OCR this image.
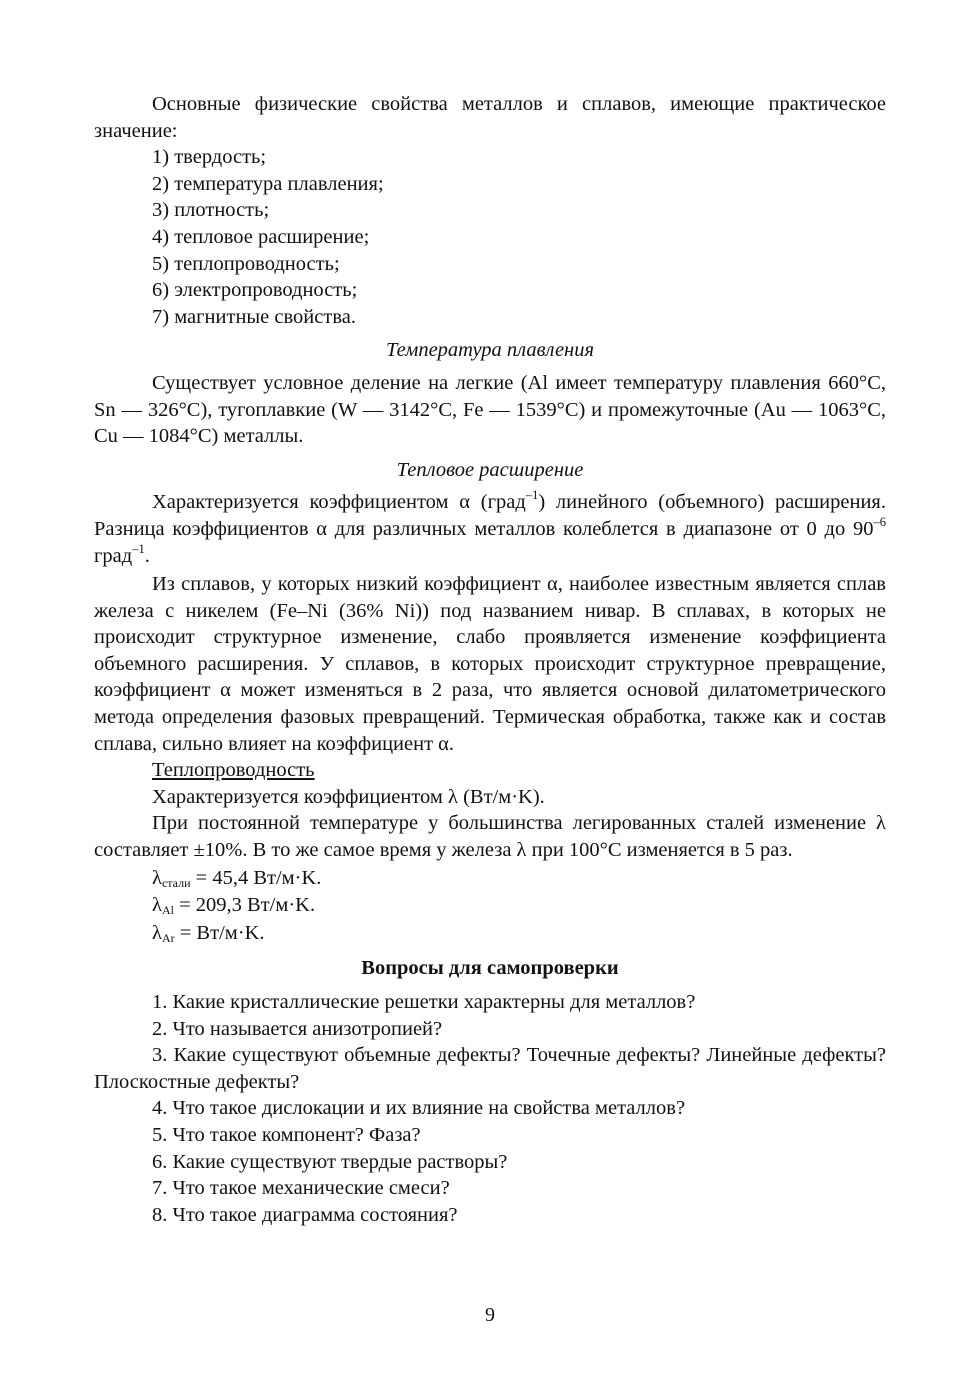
Основные физические свойства металлов и сплавов, имеющие практическое значение:

1) твердость;

2) температура плавления;

3) плотность;

4) тепловое расширение;

5) теплопроводность;

6) электропроводность;

7) магнитные свойства.

Температура плавления

Существует условное деление на легкие (Al имеет температуру плавления 660°C, Sn — 326°C), тугоплавкие (W — 3142°C, Fe — 1539°C) и промежуточные (Au — 1063°C, Cu — 1084°C) металлы.

Тепловое расширение

Характеризуется коэффициентом α (град$^{-1}$) линейного (объемного) расширения. Разница коэффициентов α для различных металлов колеблется в диапазоне от 0 до $90^{-6}$ град$^{-1}$.

Из сплавов, у которых низкий коэффициент α, наиболее известным является сплав железа с никелем (Fe–Ni (36% Ni)) под названием нивар. В сплавах, в которых не происходит структурное изменение, слабо проявляется изменение коэффициента объемного расширения. У сплавов, в которых происходит структурное превращение, коэффициент α может изменяться в 2 раза, что является основой дилатометрического метода определения фазовых превращений. Термическая обработка, также как и состав сплава, сильно влияет на коэффициент α.

Теплопроводность

Характеризуется коэффициентом λ (Вт/м·K).

При постоянной температуре у большинства легированных сталей изменение λ составляет ±10%. В то же самое время у железа λ при 100°C изменяется в 5 раз.

$\lambda_{стали} = 45,4$ Вт/м·K.

$\lambda_{Al} = 209,3$ Вт/м·K.

$\lambda_{Ar} = Вт/м\cdot K$.

Вопросы для самопроверки

1. Какие кристаллические решетки характерны для металлов?

2. Что называется анизотропией?

3. Какие существуют объемные дефекты? Точечные дефекты? Линейные дефекты? Плоскостные дефекты?

4. Что такое дислокации и их влияние на свойства металлов?

5. Что такое компонент? Фаза?

6. Какие существуют твердые растворы?

7. Что такое механические смеси?

8. Что такое диаграмма состояния?

9
